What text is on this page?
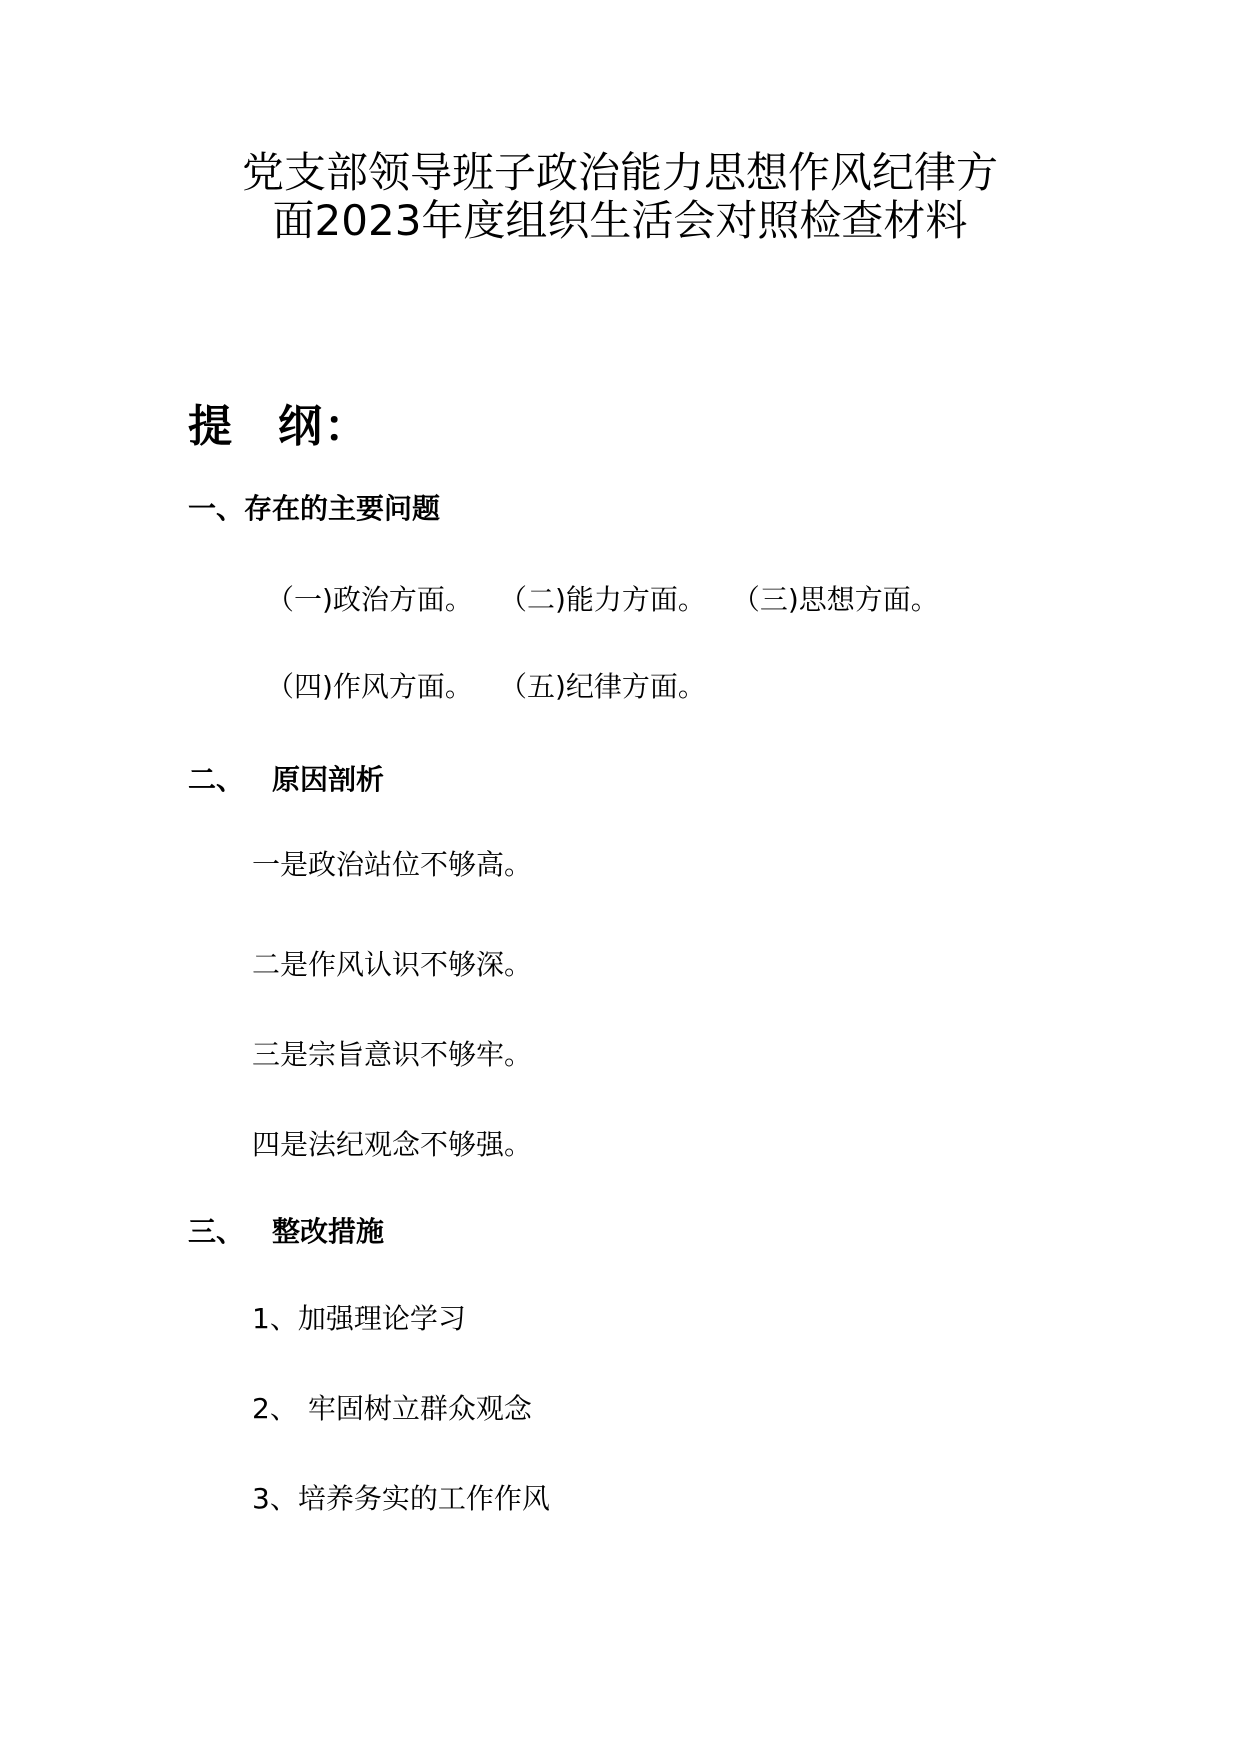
党支部领导班子政治能力思想作风纪律方
面2023年度组织生活会对照检查材料
提 纲：
一、存在的主要问题
（一)政治方面。 （二)能力方面。 （三)思想方面。
（四)作风方面。 （五)纪律方面。
二、 原因剖析
一是政治站位不够高。
二是作风认识不够深。
三是宗旨意识不够牢。
四是法纪观念不够强。
三、 整改措施
1、加强理论学习
2、 牢固树立群众观念
3、培养务实的工作作风
